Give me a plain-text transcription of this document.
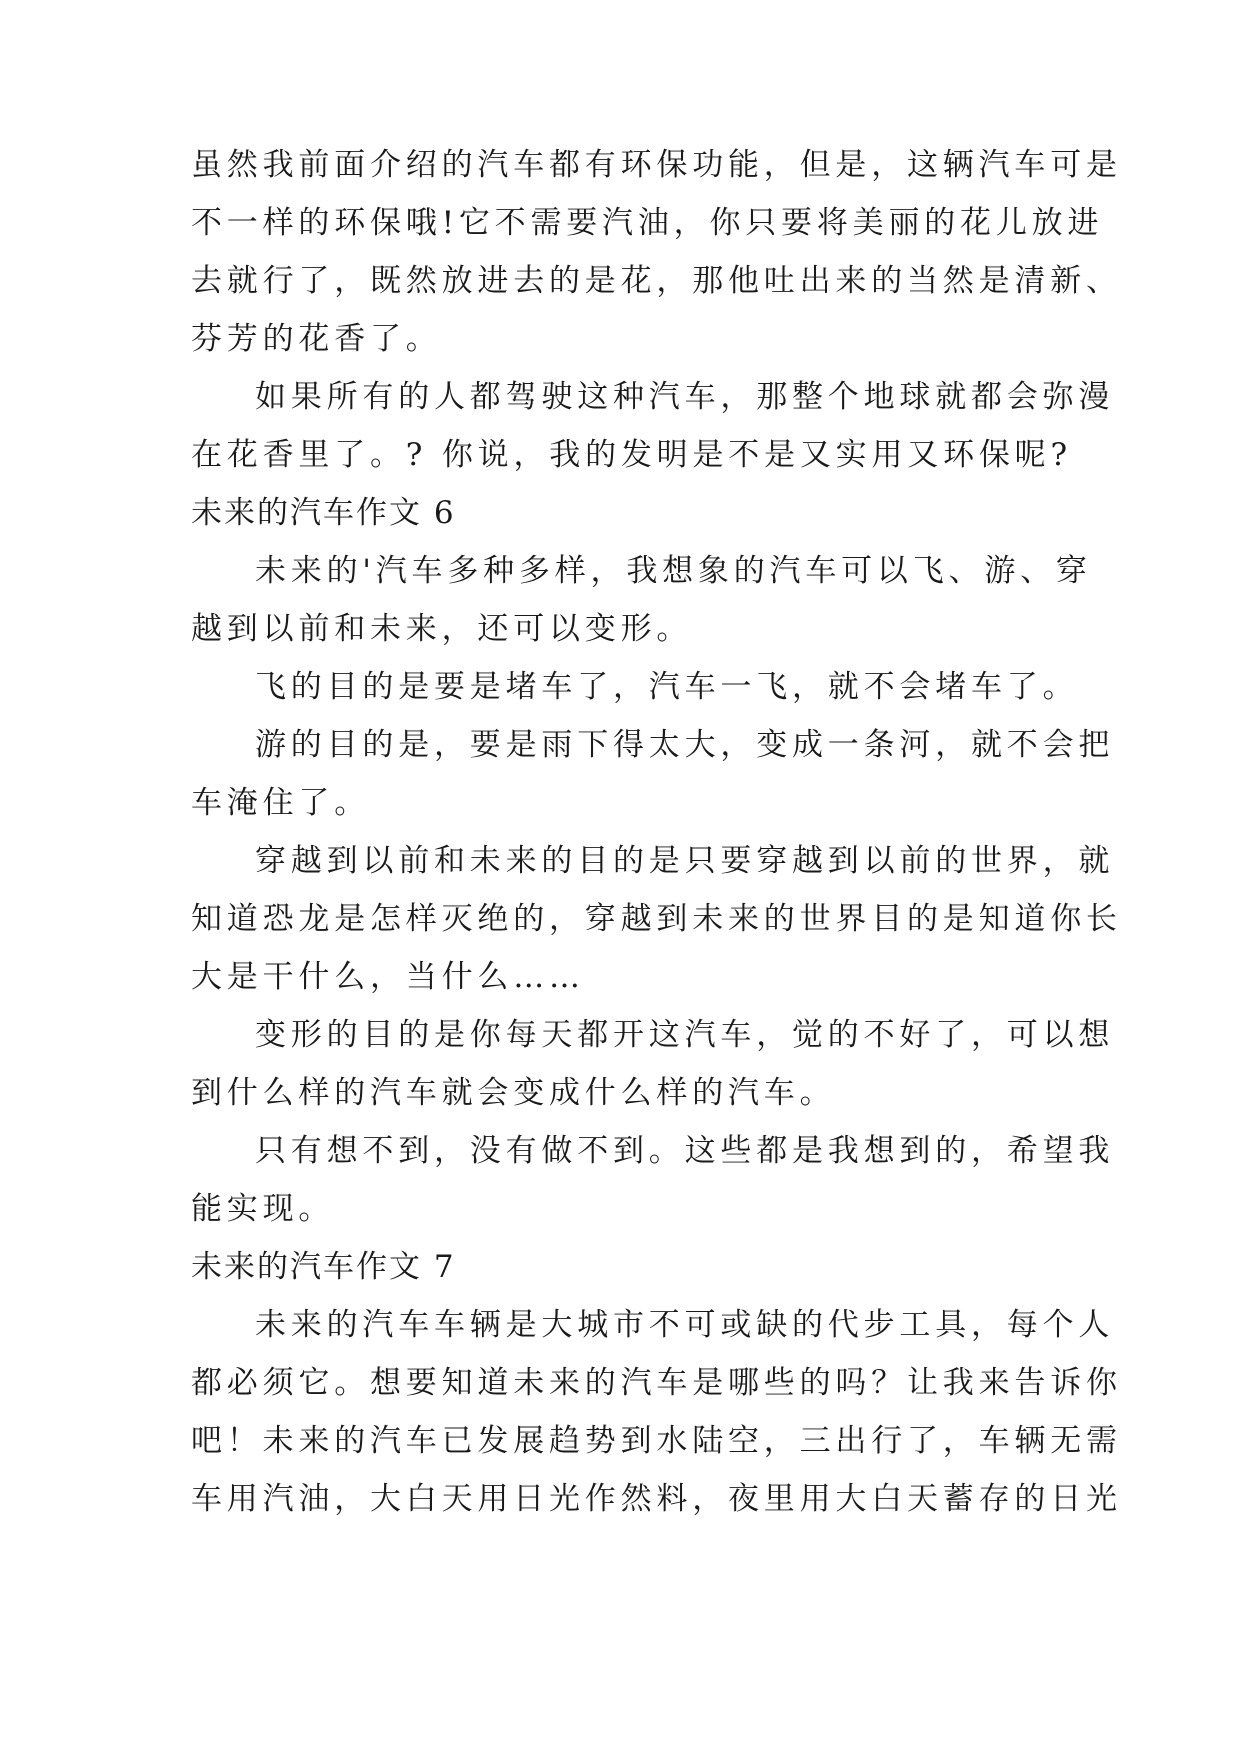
虽然我前面介绍的汽车都有环保功能，但是，这辆汽车可是
不一样的环保哦!它不需要汽油，你只要将美丽的花儿放进
去就行了，既然放进去的是花，那他吐出来的当然是清新、
芬芳的花香了。
如果所有的人都驾驶这种汽车，那整个地球就都会弥漫
在花香里了。? 你说，我的发明是不是又实用又环保呢?
未来的汽车作文 6
未来的'汽车多种多样，我想象的汽车可以飞、游、穿
越到以前和未来，还可以变形。
飞的目的是要是堵车了，汽车一飞，就不会堵车了。
游的目的是，要是雨下得太大，变成一条河，就不会把
车淹住了。
穿越到以前和未来的目的是只要穿越到以前的世界，就
知道恐龙是怎样灭绝的，穿越到未来的世界目的是知道你长
大是干什么，当什么……
变形的目的是你每天都开这汽车，觉的不好了，可以想
到什么样的汽车就会变成什么样的汽车。
只有想不到，没有做不到。这些都是我想到的，希望我
能实现。
未来的汽车作文 7
未来的汽车车辆是大城市不可或缺的代步工具，每个人
都必须它。想要知道未来的汽车是哪些的吗？让我来告诉你
吧！未来的汽车已发展趋势到水陆空，三出行了，车辆无需
车用汽油，大白天用日光作然料，夜里用大白天蓄存的日光
